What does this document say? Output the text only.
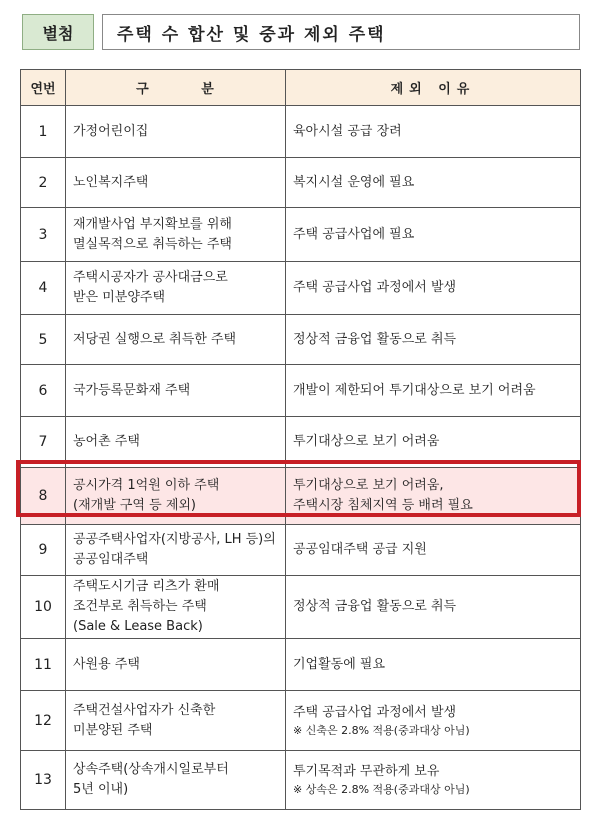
별첨	주택 수 합산 및 중과 제외 주택
연번	구 분	제외 이유
1	가정어린이집	육아시설 공급 장려

2	노인복지주택	복지시설 운영에 필요

3	재개발사업 부지확보를 위해
멸실목적으로 취득하는 주택	주택 공급사업에 필요

4	주택시공자가 공사대금으로
받은 미분양주택	주택 공급사업 과정에서 발생

5	저당권 실행으로 취득한 주택	정상적 금융업 활동으로 취득

6	국가등록문화재 주택	개발이 제한되어 투기대상으로 보기 어려움

7	농어촌 주택	투기대상으로 보기 어려움

8	공시가격 1억원 이하 주택
(재개발 구역 등 제외)	투기대상으로 보기 어려움,
주택시장 침체지역 등 배려 필요

9	공공주택사업자(지방공사, LH 등)의
공공임대주택	공공임대주택 공급 지원

10	주택도시기금 리츠가 환매
조건부로 취득하는 주택
(Sale & Lease Back)	정상적 금융업 활동으로 취득

11	사원용 주택	기업활동에 필요

12	주택건설사업자가 신축한
미분양된 주택	주택 공급사업 과정에서 발생
※ 신축은 2.8% 적용(중과대상 아님)

13	상속주택(상속개시일로부터
5년 이내)	투기목적과 무관하게 보유
※ 상속은 2.8% 적용(중과대상 아님)
